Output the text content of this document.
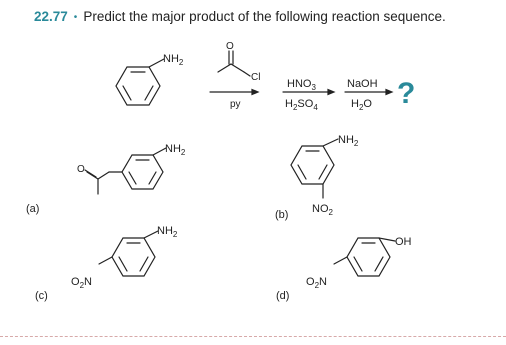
22.77 • Predict the major product of the following reaction sequence.
$NH_2$
O
Cl
py
$HNO_3$
$H_2SO_4$
NaOH
$H_2O$ ?
(a)
$NH_2$
O
(b)
$NH_2$
$NO_2$
(c)
$NH_2$
$O_2N$
(d)
OH
$O_2N$
